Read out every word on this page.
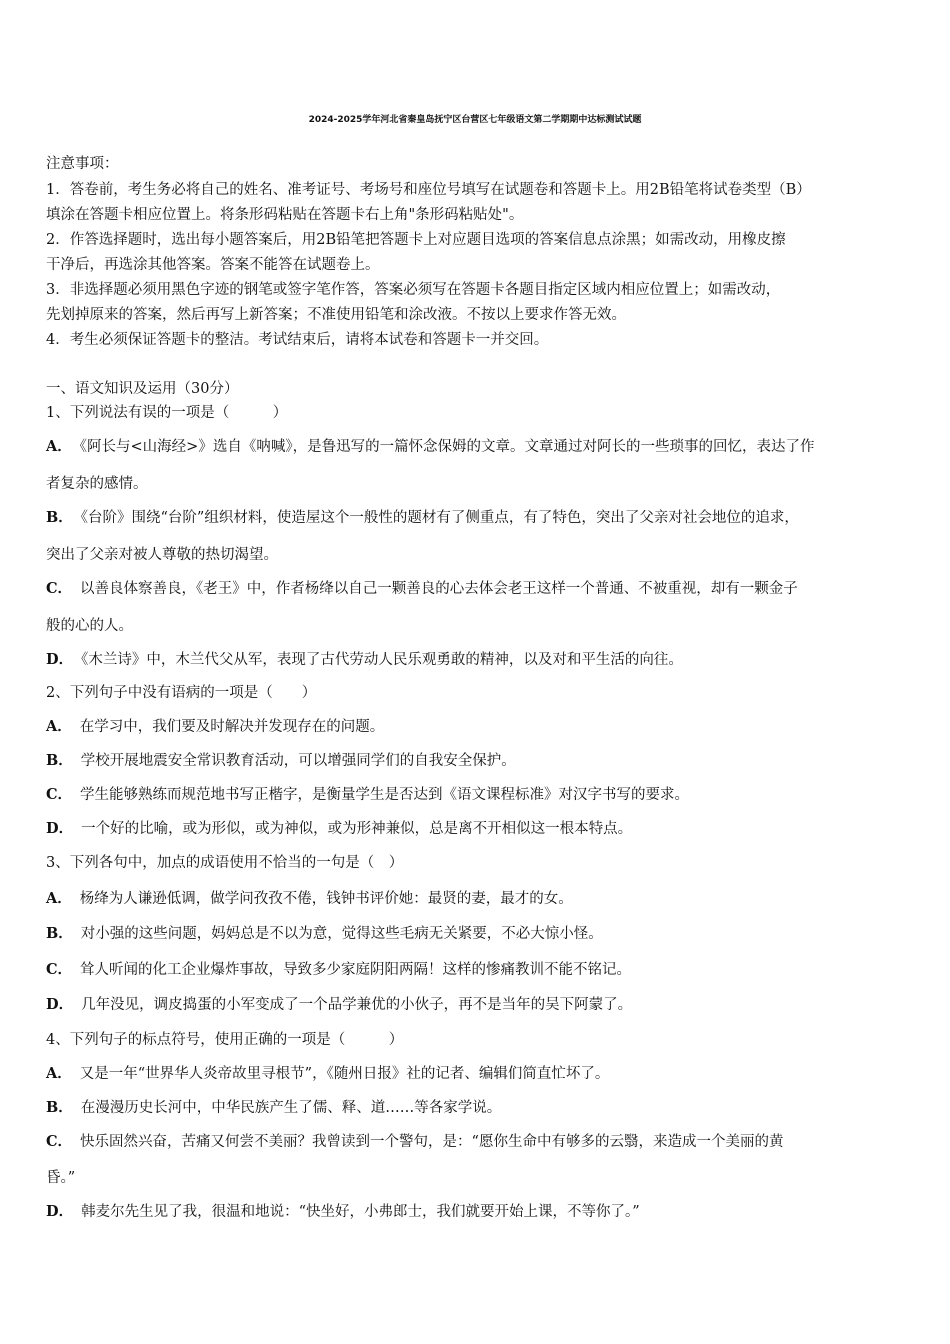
2024-2025学年河北省秦皇岛抚宁区台营区七年级语文第二学期期中达标测试试题
注意事项：
1．答卷前，考生务必将自己的姓名、准考证号、考场号和座位号填写在试题卷和答题卡上。用2B铅笔将试卷类型（B）
填涂在答题卡相应位置上。将条形码粘贴在答题卡右上角"条形码粘贴处"。
2．作答选择题时，选出每小题答案后，用2B铅笔把答题卡上对应题目选项的答案信息点涂黑；如需改动，用橡皮擦
干净后，再选涂其他答案。答案不能答在试题卷上。
3．非选择题必须用黑色字迹的钢笔或签字笔作答，答案必须写在答题卡各题目指定区域内相应位置上；如需改动，
先划掉原来的答案，然后再写上新答案；不准使用铅笔和涂改液。不按以上要求作答无效。
4．考生必须保证答题卡的整洁。考试结束后，请将本试卷和答题卡一并交回。
一、语文知识及运用（30分）
1、下列说法有误的一项是（　　　）
A． 《阿长与<山海经>》选自《呐喊》，是鲁迅写的一篇怀念保姆的文章。文章通过对阿长的一些琐事的回忆，表达了作
者复杂的感情。
B． 《台阶》围绕“台阶”组织材料，使造屋这个一般性的题材有了侧重点，有了特色，突出了父亲对社会地位的追求，
突出了父亲对被人尊敬的热切渴望。
C． 以善良体察善良，《老王》中，作者杨绛以自己一颗善良的心去体会老王这样一个普通、不被重视，却有一颗金子
般的心的人。
D． 《木兰诗》中，木兰代父从军，表现了古代劳动人民乐观勇敢的精神，以及对和平生活的向往。
2、下列句子中没有语病的一项是（　　）
A． 在学习中，我们要及时解决并发现存在的问题。
B． 学校开展地震安全常识教育活动，可以增强同学们的自我安全保护。
C． 学生能够熟练而规范地书写正楷字，是衡量学生是否达到《语文课程标准》对汉字书写的要求。
D． 一个好的比喻，或为形似，或为神似，或为形神兼似，总是离不开相似这一根本特点。
3、下列各句中，加点的成语使用不恰当的一句是（　）
A． 杨绛为人谦逊低调，做学问孜孜不倦，钱钟书评价她：最贤的妻，最才的女。
B． 对小强的这些问题，妈妈总是不以为意，觉得这些毛病无关紧要，不必大惊小怪。
C． 耸人听闻的化工企业爆炸事故，导致多少家庭阴阳两隔！这样的惨痛教训不能不铭记。
D． 几年没见，调皮捣蛋的小军变成了一个品学兼优的小伙子，再不是当年的吴下阿蒙了。
4、下列句子的标点符号，使用正确的一项是（　　　）
A． 又是一年“世界华人炎帝故里寻根节”，《随州日报》社的记者、编辑们简直忙坏了。
B． 在漫漫历史长河中，中华民族产生了儒、释、道……等各家学说。
C． 快乐固然兴奋，苦痛又何尝不美丽？我曾读到一个警句，是：“愿你生命中有够多的云翳，来造成一个美丽的黄
昏。”
D． 韩麦尔先生见了我，很温和地说：“快坐好，小弗郎士，我们就要开始上课，不等你了。”
